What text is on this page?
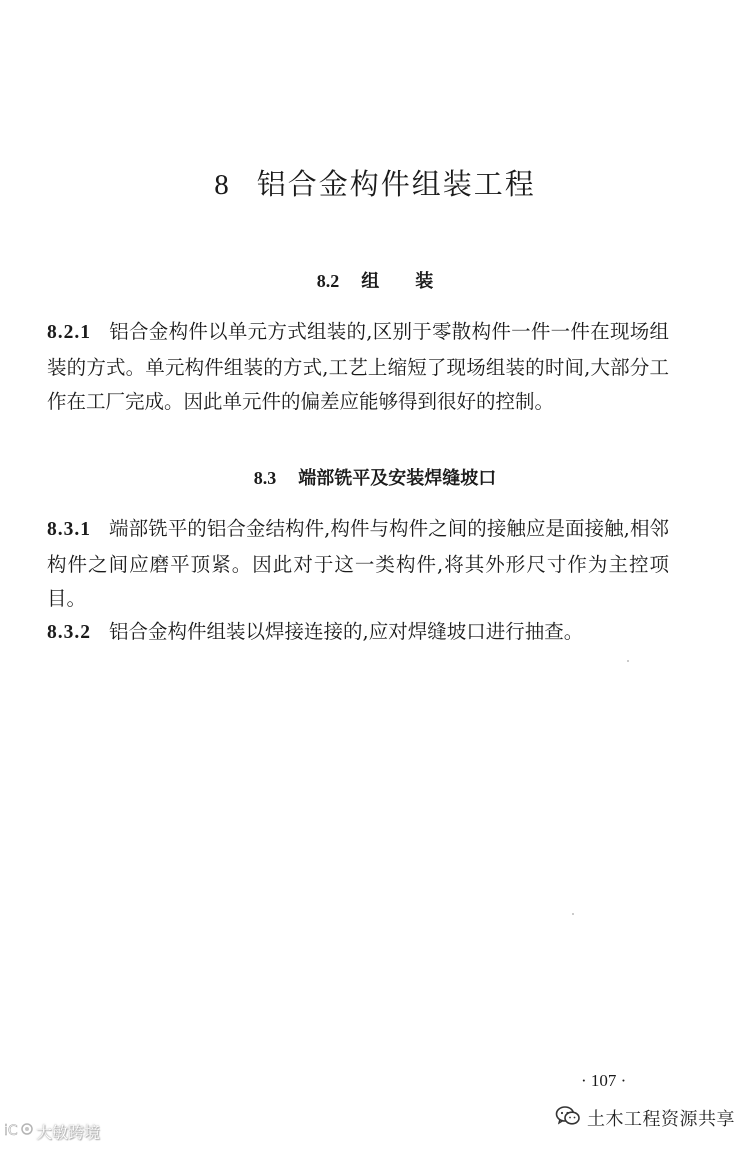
8 铝合金构件组装工程
8.2 组装
8.2.1 铝合金构件以单元方式组装的,区别于零散构件一件一件在现场组装的方式。单元构件组装的方式,工艺上缩短了现场组装的时间,大部分工作在工厂完成。因此单元件的偏差应能够得到很好的控制。
8.3 端部铣平及安装焊缝坡口
8.3.1 端部铣平的铝合金结构件,构件与构件之间的接触应是面接触,相邻构件之间应磨平顶紧。因此对于这一类构件,将其外形尺寸作为主控项目。
8.3.2 铝合金构件组装以焊接连接的,应对焊缝坡口进行抽查。
· 107 ·
iC 大敏跨境
土木工程资源共享
